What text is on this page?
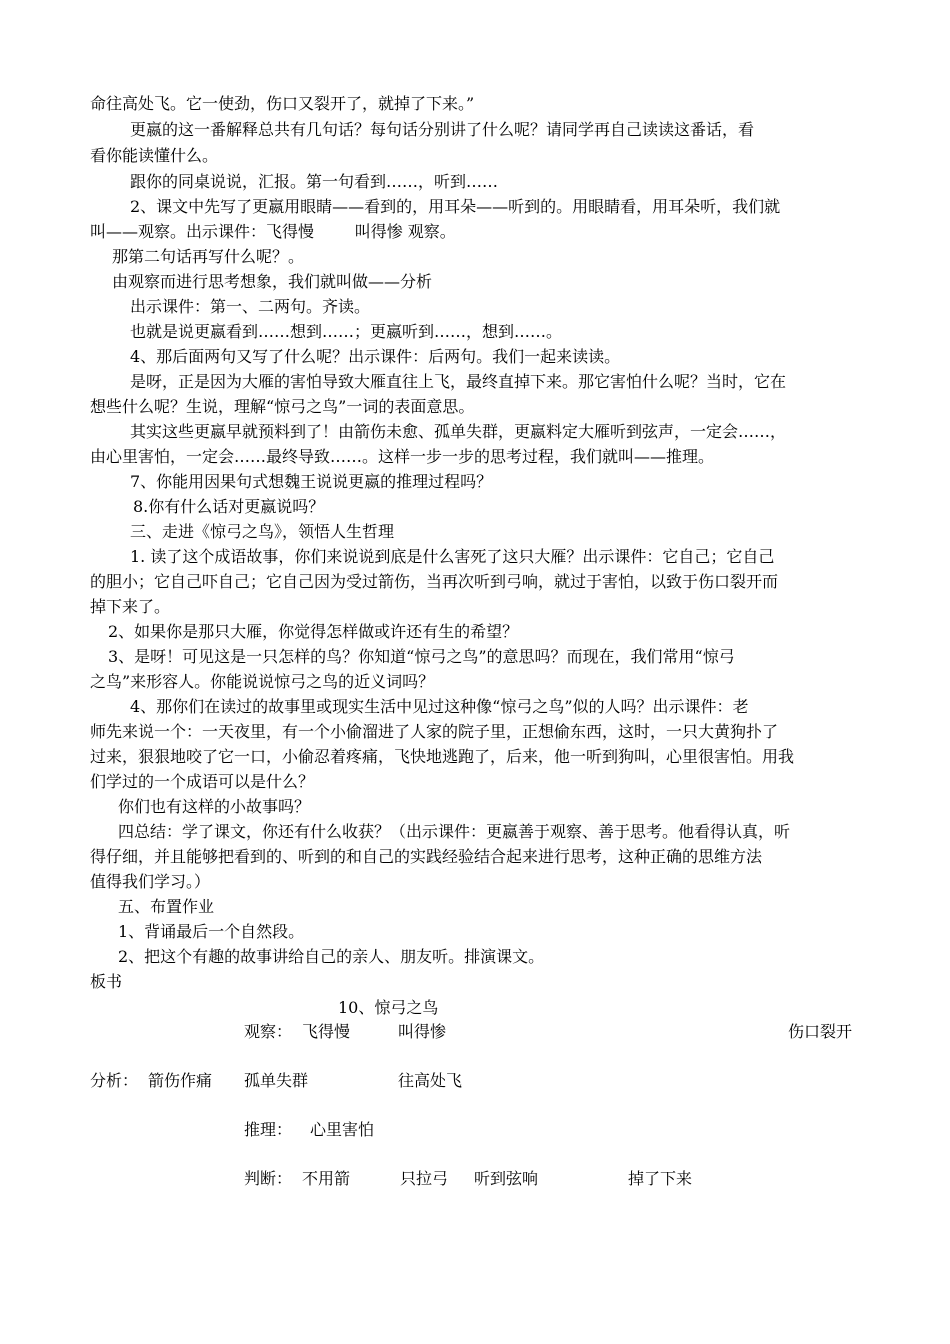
命往高处飞。它一使劲，伤口又裂开了，就掉了下来。”

更嬴的这一番解释总共有几句话？每句话分别讲了什么呢？请同学再自己读读这番话，看

看你能读懂什么。

跟你的同桌说说，汇报。第一句看到……，听到……

2、课文中先写了更嬴用眼睛——看到的，用耳朵——听到的。用眼睛看，用耳朵听，我们就

叫——观察。出示课件：飞得慢        叫得惨 观察。

那第二句话再写什么呢？。

由观察而进行思考想象，我们就叫做——分析

出示课件：第一、二两句。齐读。

也就是说更嬴看到……想到……；更嬴听到……，想到……。

4、那后面两句又写了什么呢？出示课件：后两句。我们一起来读读。

是呀，正是因为大雁的害怕导致大雁直往上飞，最终直掉下来。那它害怕什么呢？当时，它在

想些什么呢？生说，理解“惊弓之鸟”一词的表面意思。

其实这些更嬴早就预料到了！由箭伤未愈、孤单失群，更嬴料定大雁听到弦声，一定会……，

由心里害怕，一定会……最终导致……。这样一步一步的思考过程，我们就叫——推理。

7、你能用因果句式想魏王说说更嬴的推理过程吗？

8.你有什么话对更嬴说吗？

三、走进《惊弓之鸟》，领悟人生哲理

1. 读了这个成语故事，你们来说说到底是什么害死了这只大雁？出示课件：它自己；它自己

的胆小；它自己吓自己；它自己因为受过箭伤，当再次听到弓响，就过于害怕，以致于伤口裂开而

掉下来了。

2、如果你是那只大雁，你觉得怎样做或许还有生的希望？

3、是呀！可见这是一只怎样的鸟？你知道“惊弓之鸟”的意思吗？而现在，我们常用“惊弓

之鸟”来形容人。你能说说惊弓之鸟的近义词吗？

4、那你们在读过的故事里或现实生活中见过这种像“惊弓之鸟”似的人吗？出示课件：老

师先来说一个：一天夜里，有一个小偷溜进了人家的院子里，正想偷东西，这时，一只大黄狗扑了

过来，狠狠地咬了它一口，小偷忍着疼痛，飞快地逃跑了，后来，他一听到狗叫，心里很害怕。用我

们学过的一个成语可以是什么？

你们也有这样的小故事吗？

四总结：学了课文，你还有什么收获？（出示课件：更嬴善于观察、善于思考。他看得认真，听

得仔细，并且能够把看到的、听到的和自己的实践经验结合起来进行思考，这种正确的思维方法

值得我们学习。）

五、布置作业

1、背诵最后一个自然段。

2、把这个有趣的故事讲给自己的亲人、朋友听。排演课文。

板书

10、惊弓之鸟
观察： 飞得慢	叫得惨	伤口裂开
分析： 箭伤作痛 孤单失群	往高处飞
推理： 心里害怕
判断： 不用箭	只拉弓 听到弦响	掉了下来
